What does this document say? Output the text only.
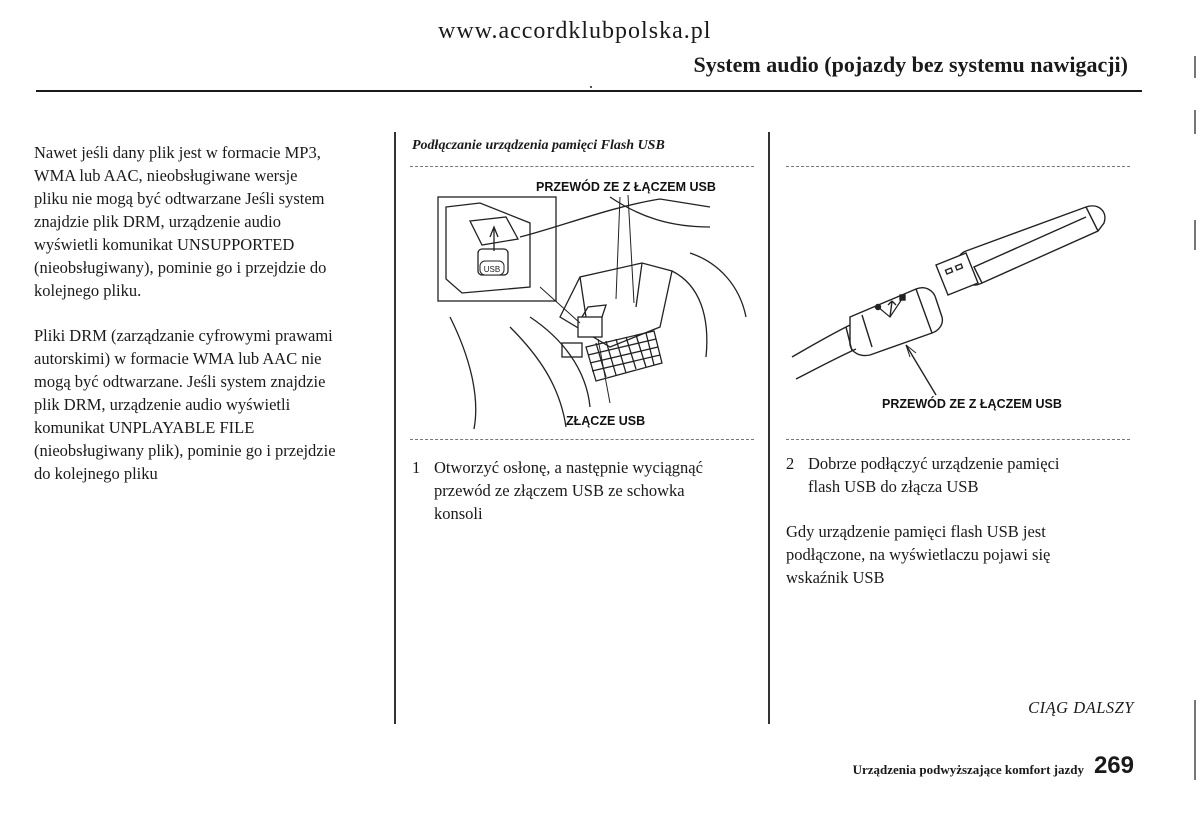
www.accordklubpolska.pl
System audio (pojazdy bez systemu nawigacji)
Nawet jeśli dany plik jest w formacie MP3,
WMA lub AAC, nieobsługiwane wersje
pliku nie mogą być odtwarzane Jeśli system
znajdzie plik DRM, urządzenie audio
wyświetli komunikat UNSUPPORTED
(nieobsługiwany), pominie go i przejdzie do
kolejnego pliku.
Pliki DRM (zarządzanie cyfrowymi prawami
autorskimi) w formacie WMA lub AAC nie
mogą być odtwarzane. Jeśli system znajdzie
plik DRM, urządzenie audio wyświetli
komunikat UNPLAYABLE FILE
(nieobsługiwany plik), pominie go i przejdzie
do kolejnego pliku
Podłączanie urządzenia pamięci Flash USB
USB
PRZEWÓD ZE Z ŁĄCZEM USB
ZŁĄCZE USB
1 Otworzyć osłonę, a następnie wyciągnąć
przewód ze złączem USB ze schowka
konsoli
PRZEWÓD ZE Z ŁĄCZEM USB
2 Dobrze podłączyć urządzenie pamięci
flash USB do złącza USB
Gdy urządzenie pamięci flash USB jest
podłączone, na wyświetlaczu pojawi się
wskaźnik USB
CIĄG DALSZY
Urządzenia podwyższające komfort jazdy 269
